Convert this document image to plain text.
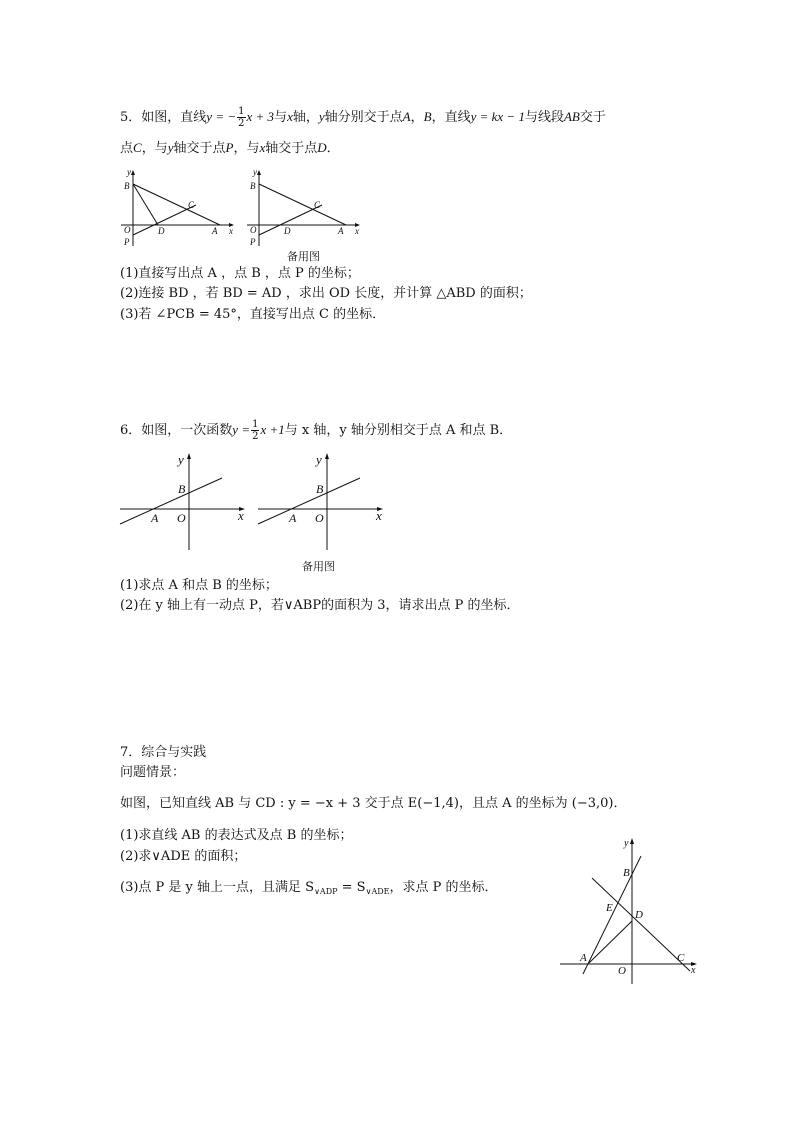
5．如图，直线y = − $\frac{1}{2}$ x + 3与x轴，y轴分别交于点A，B，直线y = kx − 1与线段AB交于
点C，与y轴交于点P，与x轴交于点D．
y
B
C
D	A x
O
P
y
B
C
D	A x
O
P
备用图
(1)直接写出点 A ，点 B ，点 P 的坐标；
(2)连接 BD ，若 BD = AD ，求出 OD 长度，并计算 △ABD 的面积；
(3)若 ∠PCB = 45°，直接写出点 C 的坐标．
6．如图，一次函数$y = \frac{1}{2}$ x +1与 x 轴，y 轴分别相交于点 A 和点 B．
y
B
A O	x
y
B
A O	x
备用图
(1)求点 A 和点 B 的坐标；
(2)在 y 轴上有一动点 P，若∨ABP的面积为 3，请求出点 P 的坐标．
7．综合与实践
问题情景：
如图，已知直线 AB 与 CD : y = −x + 3 交于点 E(−1,4)，且点 A 的坐标为 (−3,0)．
(1)求直线 AB 的表达式及点 B 的坐标；
(2)求∨ADE 的面积；
(3)点 P 是 y 轴上一点，且满足 $S_{\vee ADP} = S_{\vee ADE}$，求点 P 的坐标．
y
B
E
D
A
O
C
x
